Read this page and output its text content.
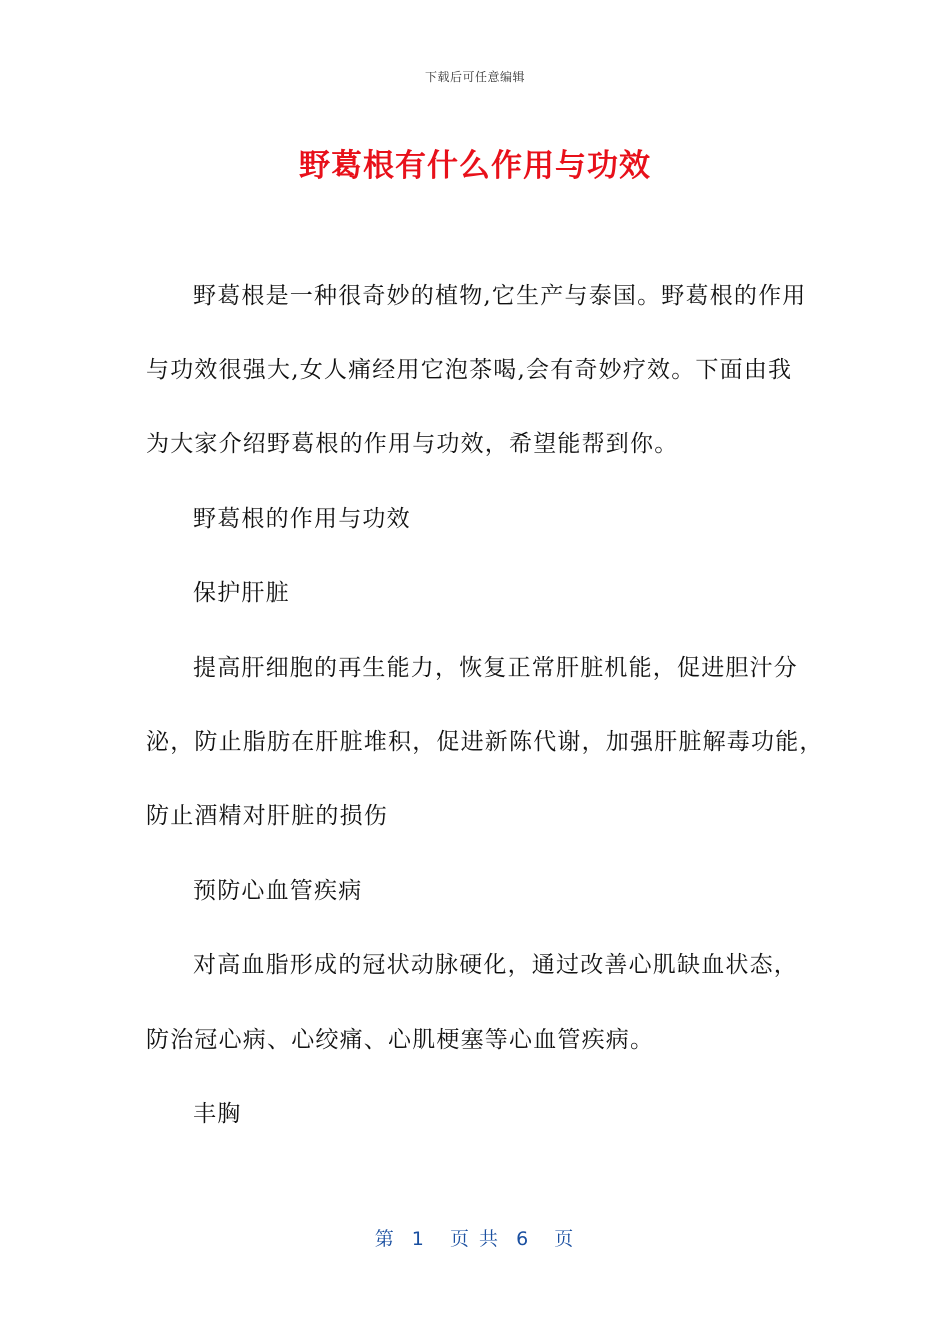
下载后可任意编辑
野葛根有什么作用与功效
野葛根是一种很奇妙的植物,它生产与泰国。野葛根的作用
与功效很强大,女人痛经用它泡茶喝,会有奇妙疗效。下面由我
为大家介绍野葛根的作用与功效，希望能帮到你。
野葛根的作用与功效
保护肝脏
提高肝细胞的再生能力，恢复正常肝脏机能，促进胆汁分
泌，防止脂肪在肝脏堆积，促进新陈代谢，加强肝脏解毒功能，
防止酒精对肝脏的损伤
预防心血管疾病
对高血脂形成的冠状动脉硬化，通过改善心肌缺血状态，
防治冠心病、心绞痛、心肌梗塞等心血管疾病。
丰胸
第  1   页 共  6   页
